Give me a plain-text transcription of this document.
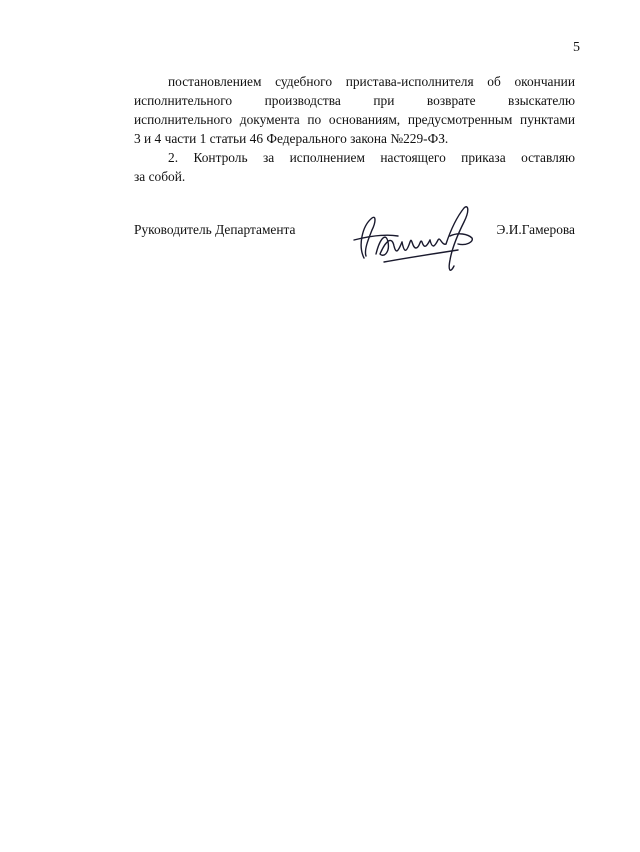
5

постановлением судебного пристава-исполнителя об окончании
исполнительного производства при возврате взыскателю
исполнительного документа по основаниям, предусмотренным пунктами
3 и 4 части 1 статьи 46 Федерального закона №229-ФЗ.

2. Контроль за исполнением настоящего приказа оставляю
за собой.

Руководитель Департамента	Э.И.Гамерова
